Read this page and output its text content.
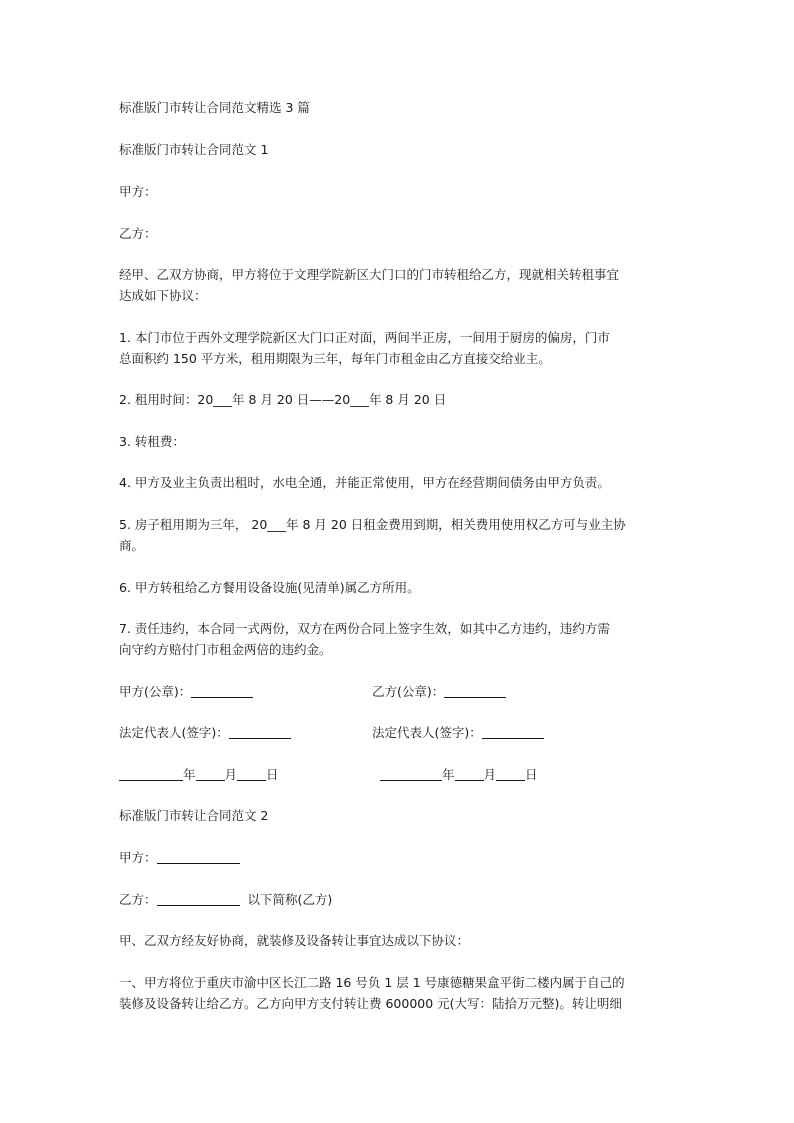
标准版门市转让合同范文精选 3 篇
标准版门市转让合同范文 1
甲方：
乙方：
经甲、乙双方协商，甲方将位于文理学院新区大门口的门市转租给乙方，现就相关转租事宜
达成如下协议：
1. 本门市位于西外文理学院新区大门口正对面，两间半正房，一间用于厨房的偏房，门市
总面积约 150 平方米，租用期限为三年，每年门市租金由乙方直接交给业主。
2. 租用时间：20___年 8 月 20 日——20___年 8 月 20 日
3. 转租费：
4. 甲方及业主负责出租时，水电全通，并能正常使用，甲方在经营期间债务由甲方负责。
5. 房子租用期为三年， 20___年 8 月 20 日租金费用到期，相关费用使用权乙方可与业主协
商。
6. 甲方转租给乙方餐用设备设施(见清单)属乙方所用。
7. 责任违约，本合同一式两份，双方在两份合同上签字生效，如其中乙方违约，违约方需
向守约方赔付门市租金两倍的违约金。
甲方(公章)：	乙方(公章)：
法定代表人(签字)：	法定代表人(签字)：
年 月 日	年 月 日
标准版门市转让合同范文 2
甲方：
乙方：	以下简称(乙方)
甲、乙双方经友好协商，就装修及设备转让事宜达成以下协议：
一、甲方将位于重庆市渝中区长江二路 16 号负 1 层 1 号康德糖果盒平街二楼内属于自己的
装修及设备转让给乙方。乙方向甲方支付转让费 600000 元(大写：陆拾万元整)。转让明细
